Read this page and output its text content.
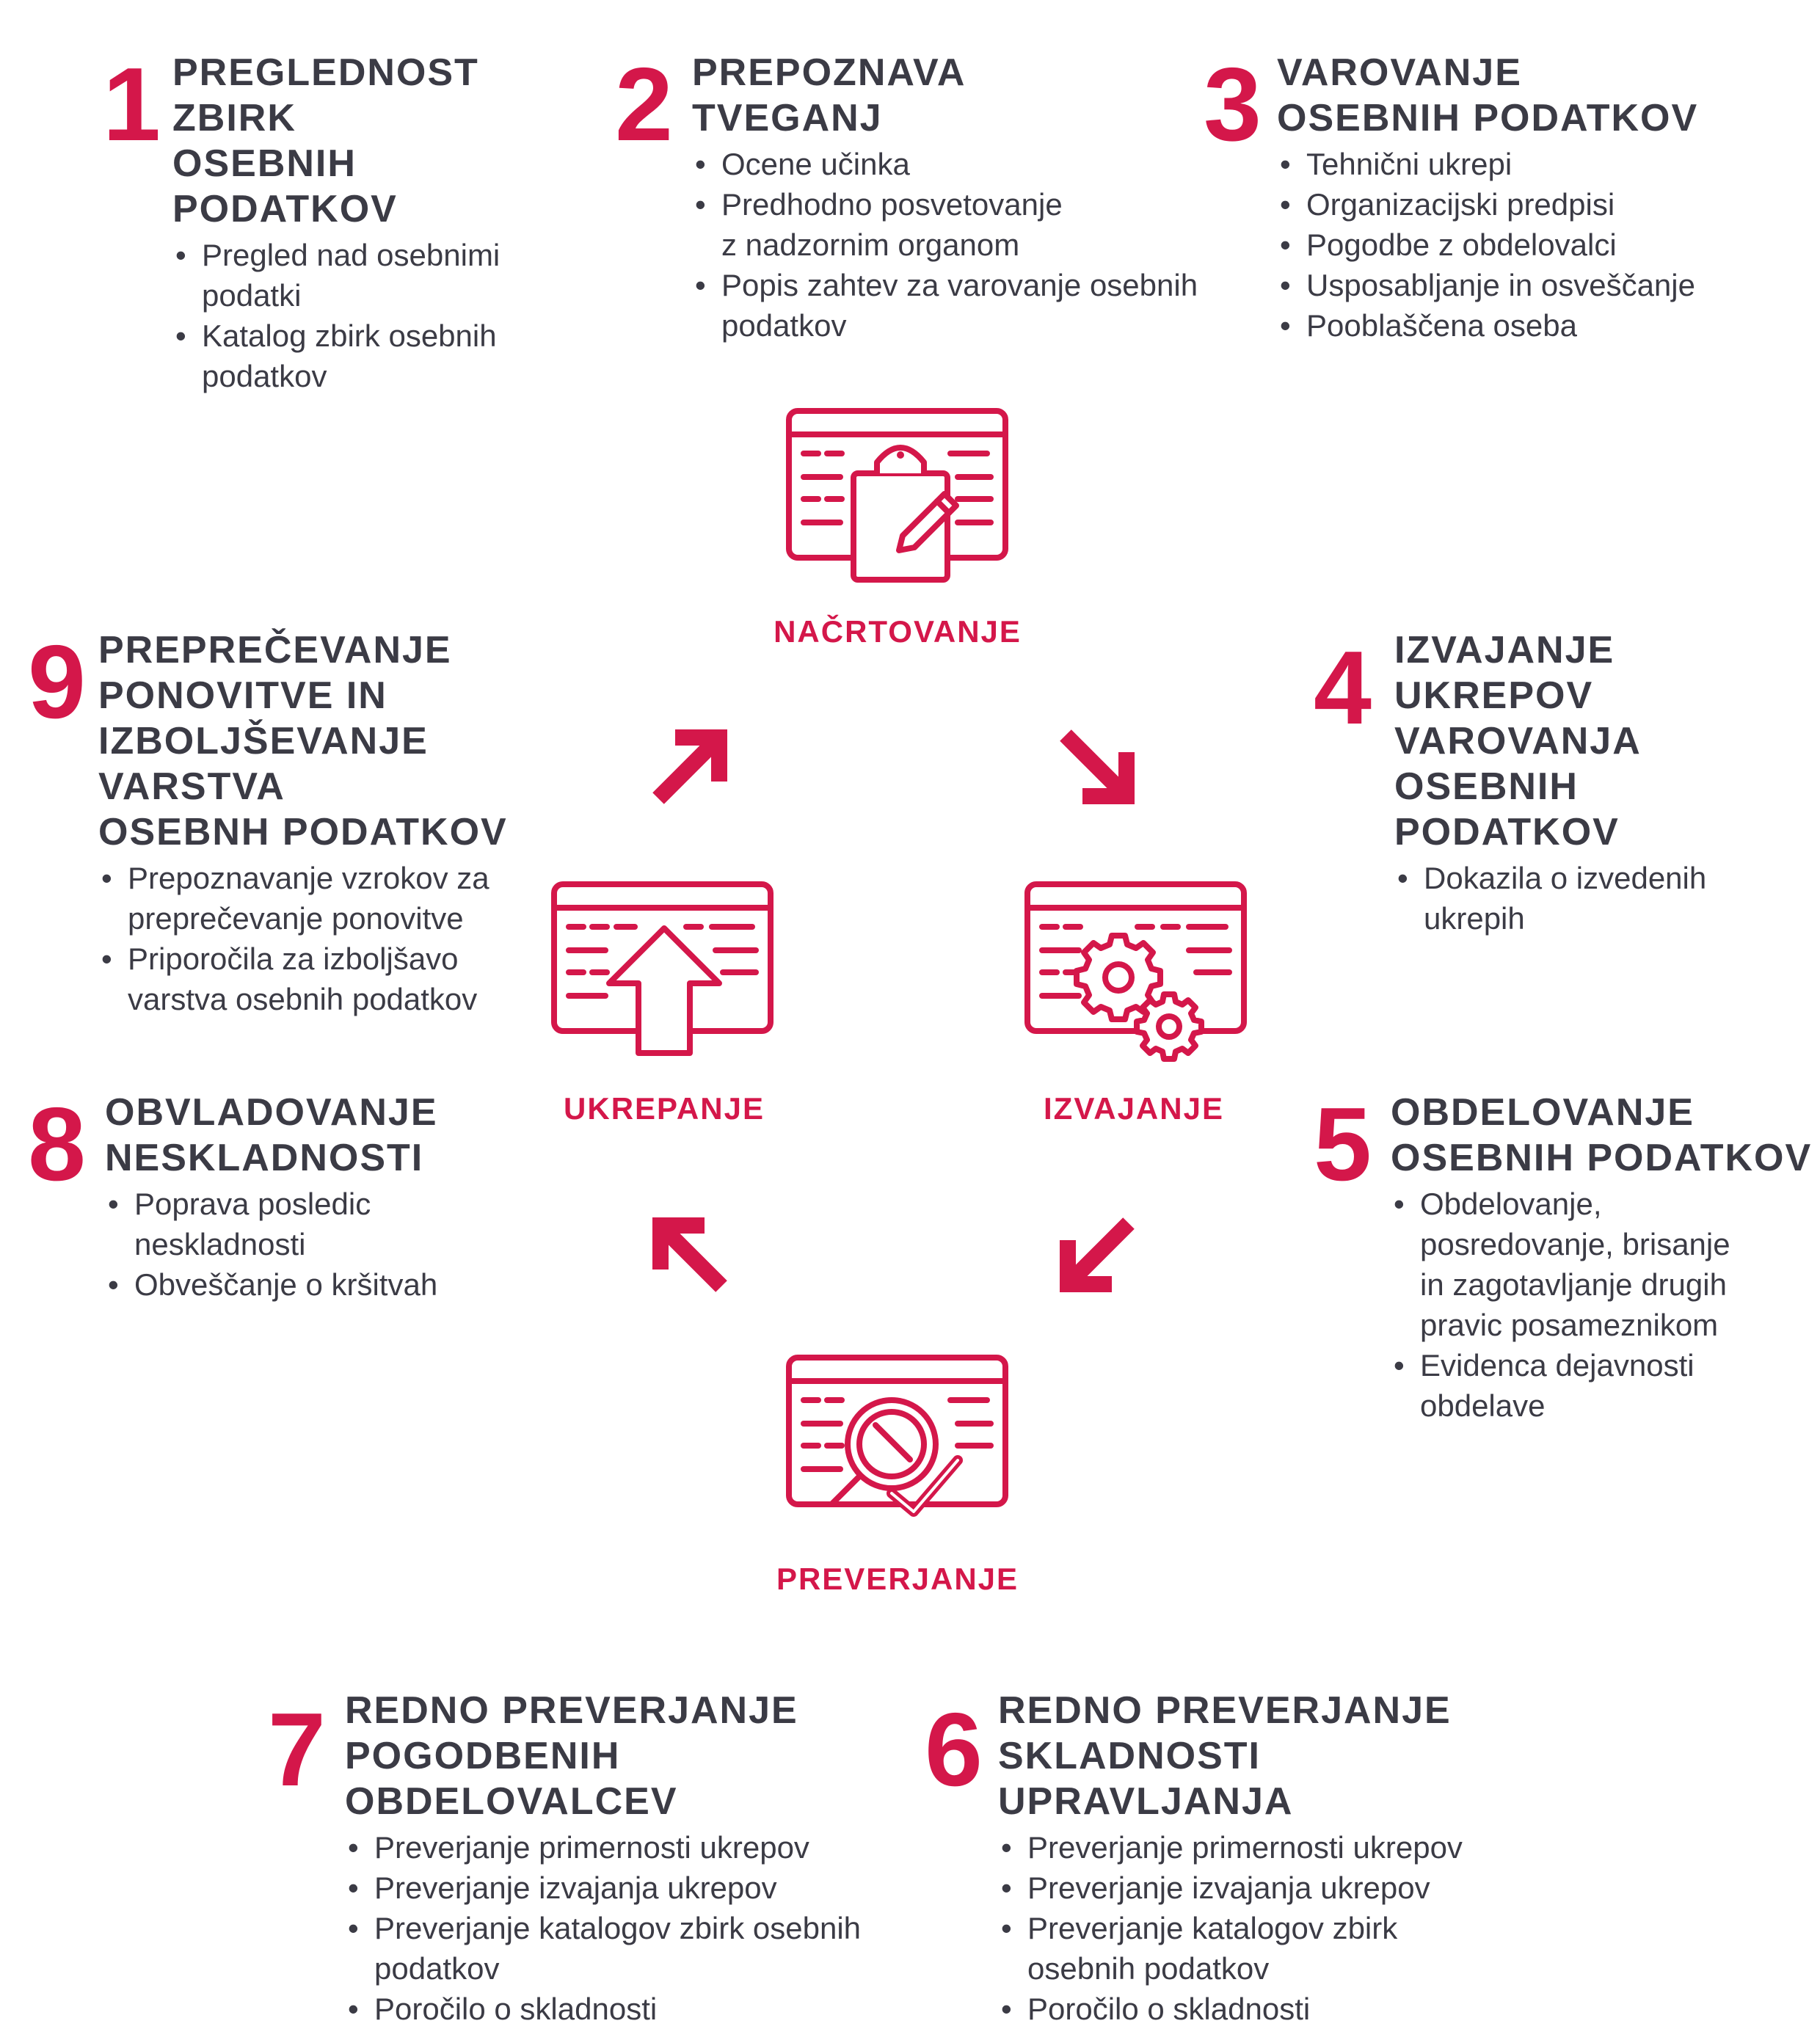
1 PREGLEDNOST ZBIRK
OSEBNIH PODATKOV
• Pregled nad osebnimi
podatki
• Katalog zbirk osebnih
podatkov
2 PREPOZNAVA
TVEGANJ
• Ocene učinka
• Predhodno posvetovanje
z nadzornim organom
• Popis zahtev za varovanje osebnih
podatkov
3 VAROVANJE
OSEBNIH PODATKOV
• Tehnični ukrepi
• Organizacijski predpisi
• Pogodbe z obdelovalci
• Usposabljanje in osveščanje
• Pooblaščena oseba
4 IZVAJANJE UKREPOV
VAROVANJA
OSEBNIH PODATKOV
• Dokazila o izvedenih
ukrepih
5 OBDELOVANJE
OSEBNIH PODATKOV
• Obdelovanje,
posredovanje, brisanje
in zagotavljanje drugih
pravic posameznikom
• Evidenca dejavnosti
obdelave
6 REDNO PREVERJANJE
SKLADNOSTI UPRAVLJANJA
• Preverjanje primernosti ukrepov
• Preverjanje izvajanja ukrepov
• Preverjanje katalogov zbirk
osebnih podatkov
• Poročilo o skladnosti
7 REDNO PREVERJANJE
POGODBENIH OBDELOVALCEV
• Preverjanje primernosti ukrepov
• Preverjanje izvajanja ukrepov
• Preverjanje katalogov zbirk osebnih
podatkov
• Poročilo o skladnosti
8 OBVLADOVANJE
NESKLADNOSTI
• Poprava posledic
neskladnosti
• Obveščanje o kršitvah
9 PREPREČEVANJE
PONOVITVE IN
IZBOLJŠEVANJE VARSTVA
OSEBNH PODATKOV
• Prepoznavanje vzrokov za
preprečevanje ponovitve
• Priporočila za izboljšavo
varstva osebnih podatkov
NAČRTOVANJE
IZVAJANJE
PREVERJANJE
UKREPANJE
